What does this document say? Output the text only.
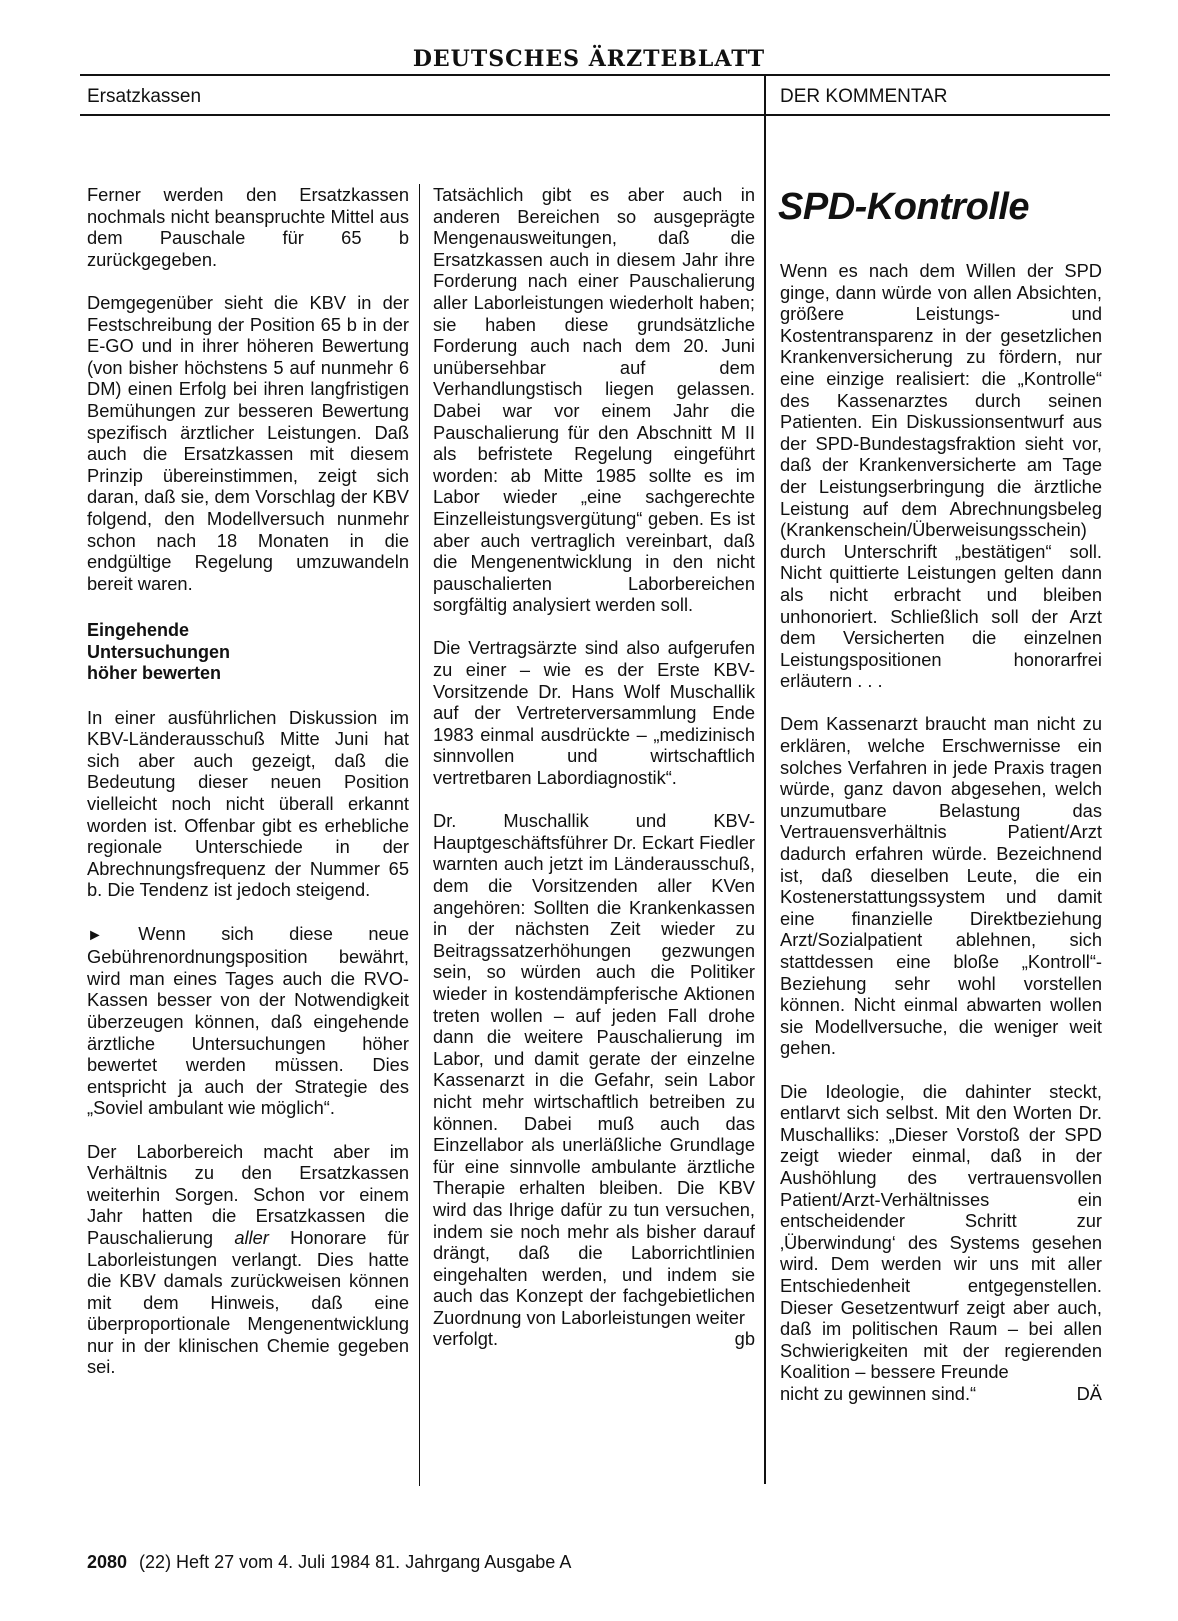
DEUTSCHES ÄRZTEBLATT
Ersatzkassen	DER KOMMENTAR

Ferner werden den Ersatzkassen nochmals nicht beanspruchte Mittel aus dem Pauschale für 65 b zurückgegeben.

Demgegenüber sieht die KBV in der Festschreibung der Position 65 b in der E-GO und in ihrer höheren Bewertung (von bisher höchstens 5 auf nunmehr 6 DM) einen Erfolg bei ihren langfristigen Bemühungen zur besseren Bewertung spezifisch ärztlicher Leistungen. Daß auch die Ersatzkassen mit diesem Prinzip übereinstimmen, zeigt sich daran, daß sie, dem Vorschlag der KBV folgend, den Modellversuch nunmehr schon nach 18 Monaten in die endgültige Regelung umzuwandeln bereit waren.

Eingehende
Untersuchungen
höher bewerten

In einer ausführlichen Diskussion im KBV-Länderausschuß Mitte Juni hat sich aber auch gezeigt, daß die Bedeutung dieser neuen Position vielleicht noch nicht überall erkannt worden ist. Offenbar gibt es erhebliche regionale Unterschiede in der Abrechnungsfrequenz der Nummer 65 b. Die Tendenz ist jedoch steigend.

► Wenn sich diese neue Gebührenordnungsposition bewährt, wird man eines Tages auch die RVO-Kassen besser von der Notwendigkeit überzeugen können, daß eingehende ärztliche Untersuchungen höher bewertet werden müssen. Dies entspricht ja auch der Strategie des „Soviel ambulant wie möglich“.

Der Laborbereich macht aber im Verhältnis zu den Ersatzkassen weiterhin Sorgen. Schon vor einem Jahr hatten die Ersatzkassen die Pauschalierung aller Honorare für Laborleistungen verlangt. Dies hatte die KBV damals zurückweisen können mit dem Hinweis, daß eine überproportionale Mengenentwicklung nur in der klinischen Chemie gegeben sei.

Tatsächlich gibt es aber auch in anderen Bereichen so ausgeprägte Mengenausweitungen, daß die Ersatzkassen auch in diesem Jahr ihre Forderung nach einer Pauschalierung aller Laborleistungen wiederholt haben; sie haben diese grundsätzliche Forderung auch nach dem 20. Juni unübersehbar auf dem Verhandlungstisch liegen gelassen. Dabei war vor einem Jahr die Pauschalierung für den Abschnitt M II als befristete Regelung eingeführt worden: ab Mitte 1985 sollte es im Labor wieder „eine sachgerechte Einzelleistungsvergütung“ geben. Es ist aber auch vertraglich vereinbart, daß die Mengenentwicklung in den nicht pauschalierten Laborbereichen sorgfältig analysiert werden soll.

Die Vertragsärzte sind also aufgerufen zu einer – wie es der Erste KBV-Vorsitzende Dr. Hans Wolf Muschallik auf der Vertreterversammlung Ende 1983 einmal ausdrückte – „medizinisch sinnvollen und wirtschaftlich vertretbaren Labordiagnostik“.

Dr. Muschallik und KBV-Hauptgeschäftsführer Dr. Eckart Fiedler warnten auch jetzt im Länderausschuß, dem die Vorsitzenden aller KVen angehören: Sollten die Krankenkassen in der nächsten Zeit wieder zu Beitragssatzerhöhungen gezwungen sein, so würden auch die Politiker wieder in kostendämpferische Aktionen treten wollen – auf jeden Fall drohe dann die weitere Pauschalierung im Labor, und damit gerate der einzelne Kassenarzt in die Gefahr, sein Labor nicht mehr wirtschaftlich betreiben zu können. Dabei muß auch das Einzellabor als unerläßliche Grundlage für eine sinnvolle ambulante ärztliche Therapie erhalten bleiben. Die KBV wird das Ihrige dafür zu tun versuchen, indem sie noch mehr als bisher darauf drängt, daß die Laborrichtlinien eingehalten werden, und indem sie auch das Konzept der fachgebietlichen Zuordnung von Laborleistungen weiter

verfolgt.	gb
SPD-Kontrolle

Wenn es nach dem Willen der SPD ginge, dann würde von allen Absichten, größere Leistungs- und Kostentransparenz in der gesetzlichen Krankenversicherung zu fördern, nur eine einzige realisiert: die „Kontrolle“ des Kassenarztes durch seinen Patienten. Ein Diskussionsentwurf aus der SPD-Bundestagsfraktion sieht vor, daß der Krankenversicherte am Tage der Leistungserbringung die ärztliche Leistung auf dem Abrechnungsbeleg (Krankenschein/Überweisungsschein) durch Unterschrift „bestätigen“ soll. Nicht quittierte Leistungen gelten dann als nicht erbracht und bleiben unhonoriert. Schließlich soll der Arzt dem Versicherten die einzelnen Leistungspositionen honorarfrei erläutern . . .

Dem Kassenarzt braucht man nicht zu erklären, welche Erschwernisse ein solches Verfahren in jede Praxis tragen würde, ganz davon abgesehen, welch unzumutbare Belastung das Vertrauensverhältnis Patient/Arzt dadurch erfahren würde. Bezeichnend ist, daß dieselben Leute, die ein Kostenerstattungssystem und damit eine finanzielle Direktbeziehung Arzt/Sozialpatient ablehnen, sich stattdessen eine bloße „Kontroll“-Beziehung sehr wohl vorstellen können. Nicht einmal abwarten wollen sie Modellversuche, die weniger weit gehen.

Die Ideologie, die dahinter steckt, entlarvt sich selbst. Mit den Worten Dr. Muschalliks: „Dieser Vorstoß der SPD zeigt wieder einmal, daß in der Aushöhlung des vertrauensvollen Patient/Arzt-Verhältnisses ein entscheidender Schritt zur ‚Überwindung‘ des Systems gesehen wird. Dem werden wir uns mit aller Entschiedenheit entgegenstellen. Dieser Gesetzentwurf zeigt aber auch, daß im politischen Raum – bei allen Schwierigkeiten mit der regierenden Koalition – bessere Freunde

nicht zu gewinnen sind.“	DÄ
2080 (22) Heft 27 vom 4. Juli 1984 81. Jahrgang Ausgabe A
